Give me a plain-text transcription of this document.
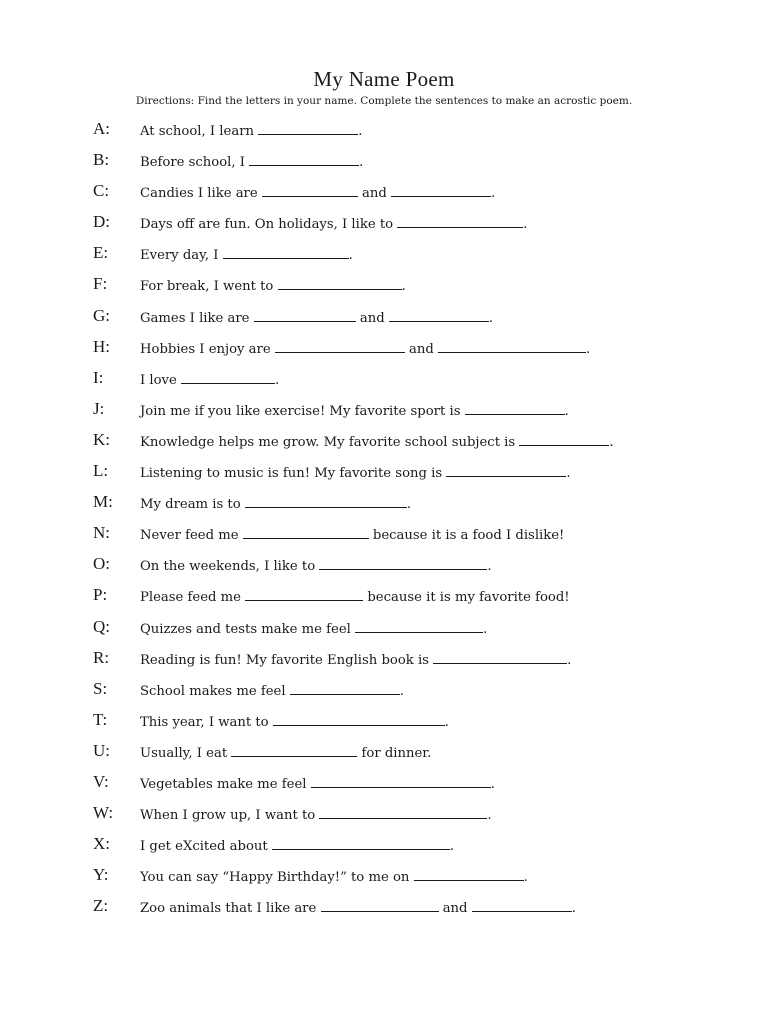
My Name Poem
Directions: Find the letters in your name. Complete the sentences to make an acrostic poem.
A: At school, I learn	.
B: Before school, I	.
C: Candies I like are	and	.
D: Days off are fun. On holidays, I like to	.
E: Every day, I	.
F: For break, I went to	.
G: Games I like are	and	.
H: Hobbies I enjoy are	and	.
I:	I love	.
J:	Join me if you like exercise! My favorite sport is	.
K: Knowledge helps me grow. My favorite school subject is	.
L: Listening to music is fun! My favorite song is	.
M: My dream is to	.
N: Never feed me	because it is a food I dislike!
O: On the weekends, I like to	.
P: Please feed me	because it is my favorite food!
Q: Quizzes and tests make me feel	.
R: Reading is fun! My favorite English book is	.
S: School makes me feel	.
T: This year, I want to	.
U: Usually, I eat	for dinner.
V: Vegetables make me feel	.
W: When I grow up, I want to	.
X: I get eXcited about	.
Y: You can say “Happy Birthday!” to me on	.
Z: Zoo animals that I like are	and	.
